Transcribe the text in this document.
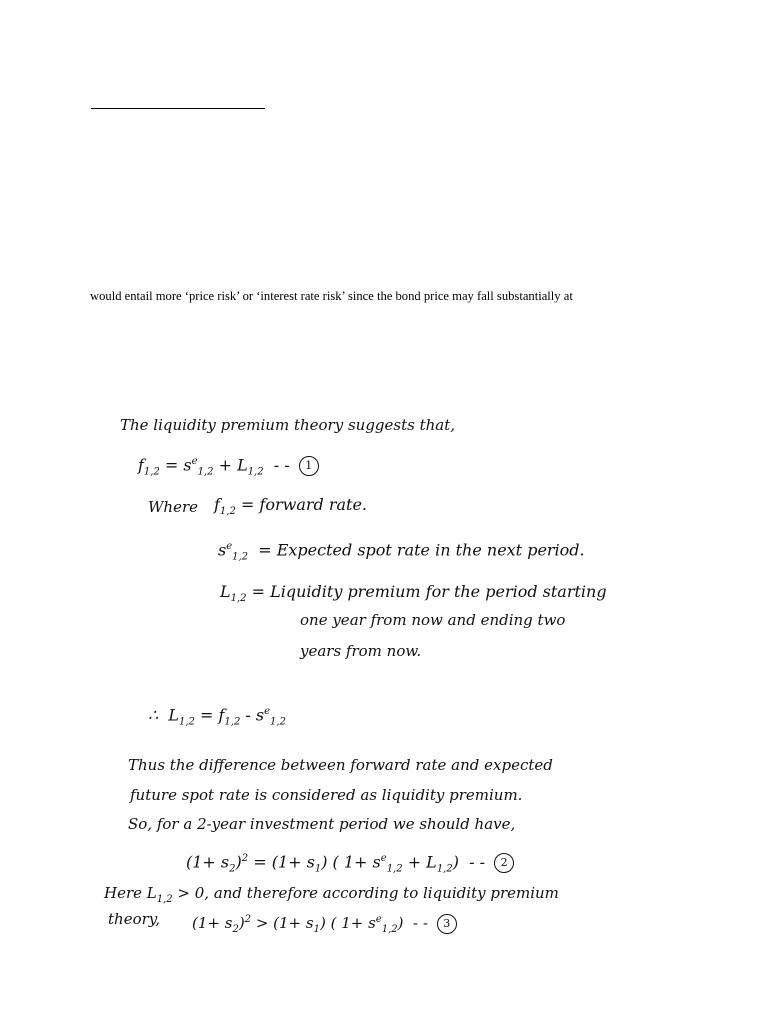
would entail more ‘price risk’ or ‘interest rate risk’ since the bond price may fall substantially at
The liquidity premium theory suggests that,
$f_{1,2} = s^e_{1,2} + L_{1,2}$ - - 1
Where $f_{1,2}$ = forward rate.
$s^e_{1,2}$ = Expected spot rate in the next period.
$L_{1,2}$ = Liquidity premium for the period starting
one year from now and ending two
years from now.
∴ $L_{1,2} = f_{1,2} - s^e_{1,2}$
Thus the difference between forward rate and expected
future spot rate is considered as liquidity premium.
So, for a 2-year investment period we should have,
$(1+ s_2)^2 = (1+ s_1)$ ( $1+ s^e_{1,2} + L_{1,2}$) - - 2
Here $L_{1,2} > 0$, and therefore according to liquidity premium
theory, $(1+ s_2)^2 > (1+ s_1)$ ( $1+ s^e_{1,2}$) - - 3
